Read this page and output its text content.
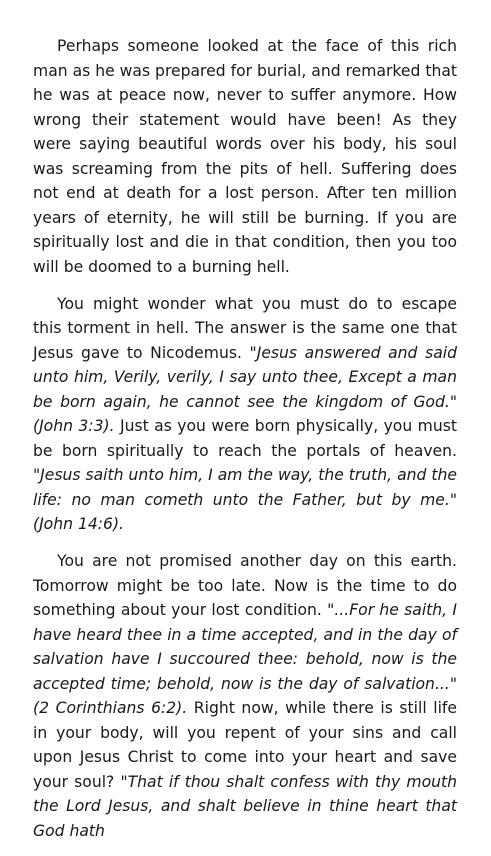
Perhaps someone looked at the face of this rich man as he was prepared for burial, and remarked that he was at peace now, never to suffer anymore. How wrong their statement would have been! As they were saying beautiful words over his body, his soul was screaming from the pits of hell. Suffering does not end at death for a lost person. After ten million years of eternity, he will still be burning. If you are spiritually lost and die in that condition, then you too will be doomed to a burning hell.

You might wonder what you must do to escape this torment in hell. The answer is the same one that Jesus gave to Nicodemus. "Jesus answered and said unto him, Verily, verily, I say unto thee, Except a man be born again, he cannot see the kingdom of God." (John 3:3). Just as you were born physically, you must be born spiritually to reach the portals of heaven. "Jesus saith unto him, I am the way, the truth, and the life: no man cometh unto the Father, but by me." (John 14:6).

You are not promised another day on this earth. Tomorrow might be too late. Now is the time to do something about your lost condition. "...For he saith, I have heard thee in a time accepted, and in the day of salvation have I succoured thee: behold, now is the accepted time; behold, now is the day of salvation..." (2 Corinthians 6:2). Right now, while there is still life in your body, will you repent of your sins and call upon Jesus Christ to come into your heart and save your soul? "That if thou shalt confess with thy mouth the Lord Jesus, and shalt believe in thine heart that God hath
